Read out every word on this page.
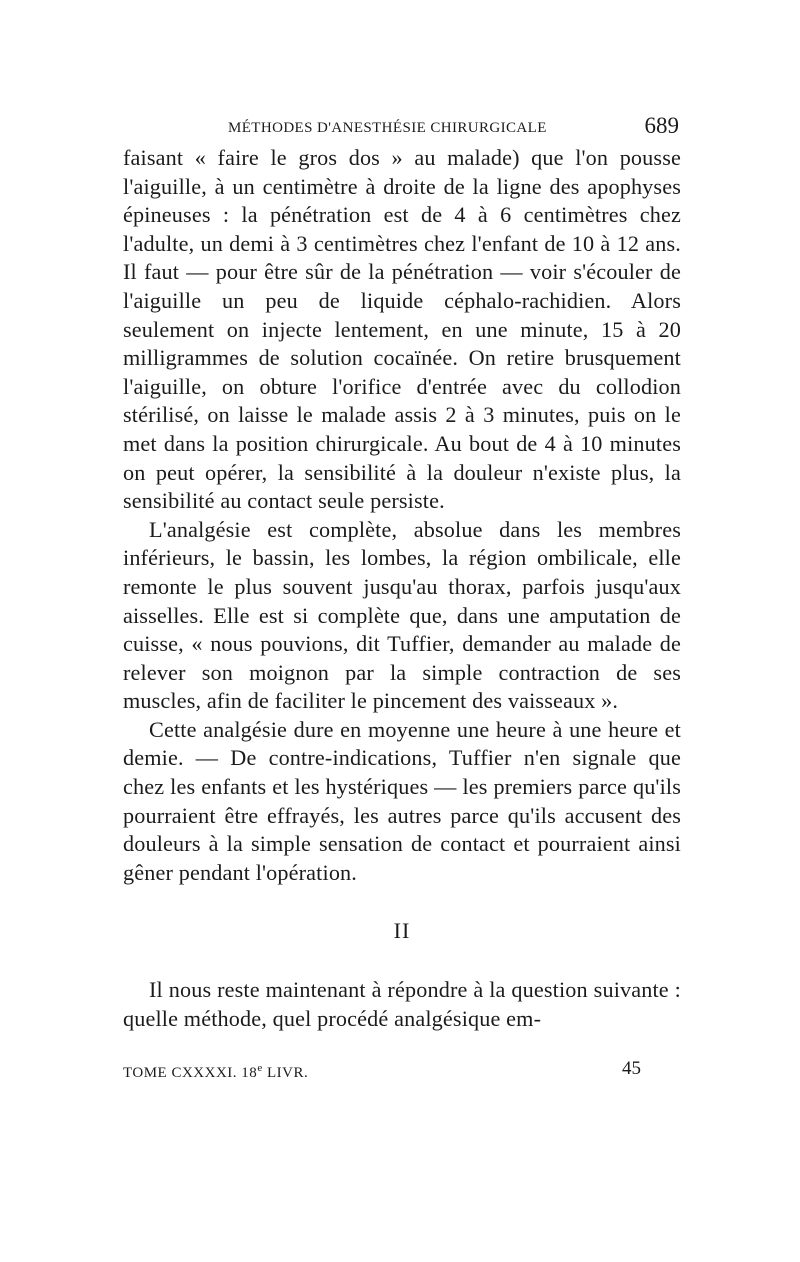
MÉTHODES D'ANESTHÉSIE CHIRURGICALE	689

faisant « faire le gros dos » au malade) que l'on pousse l'aiguille, à un centimètre à droite de la ligne des apophyses épineuses : la pénétration est de 4 à 6 centimètres chez l'adulte, un demi à 3 centimètres chez l'enfant de 10 à 12 ans. Il faut — pour être sûr de la pénétration — voir s'écouler de l'aiguille un peu de liquide céphalo-rachidien. Alors seulement on injecte lentement, en une minute, 15 à 20 milligrammes de solution cocaïnée. On retire brusquement l'aiguille, on obture l'orifice d'entrée avec du collodion stérilisé, on laisse le malade assis 2 à 3 minutes, puis on le met dans la position chirurgicale. Au bout de 4 à 10 minutes on peut opérer, la sensibilité à la douleur n'existe plus, la sensibilité au contact seule persiste.

L'analgésie est complète, absolue dans les membres inférieurs, le bassin, les lombes, la région ombilicale, elle remonte le plus souvent jusqu'au thorax, parfois jusqu'aux aisselles. Elle est si complète que, dans une amputation de cuisse, « nous pouvions, dit Tuffier, demander au malade de relever son moignon par la simple contraction de ses muscles, afin de faciliter le pincement des vaisseaux ».

Cette analgésie dure en moyenne une heure à une heure et demie. — De contre-indications, Tuffier n'en signale que chez les enfants et les hystériques — les premiers parce qu'ils pourraient être effrayés, les autres parce qu'ils accusent des douleurs à la simple sensation de contact et pourraient ainsi gêner pendant l'opération.

II

Il nous reste maintenant à répondre à la question suivante : quelle méthode, quel procédé analgésique em-

TOME CXXXXI. 18e LIVR.	45
